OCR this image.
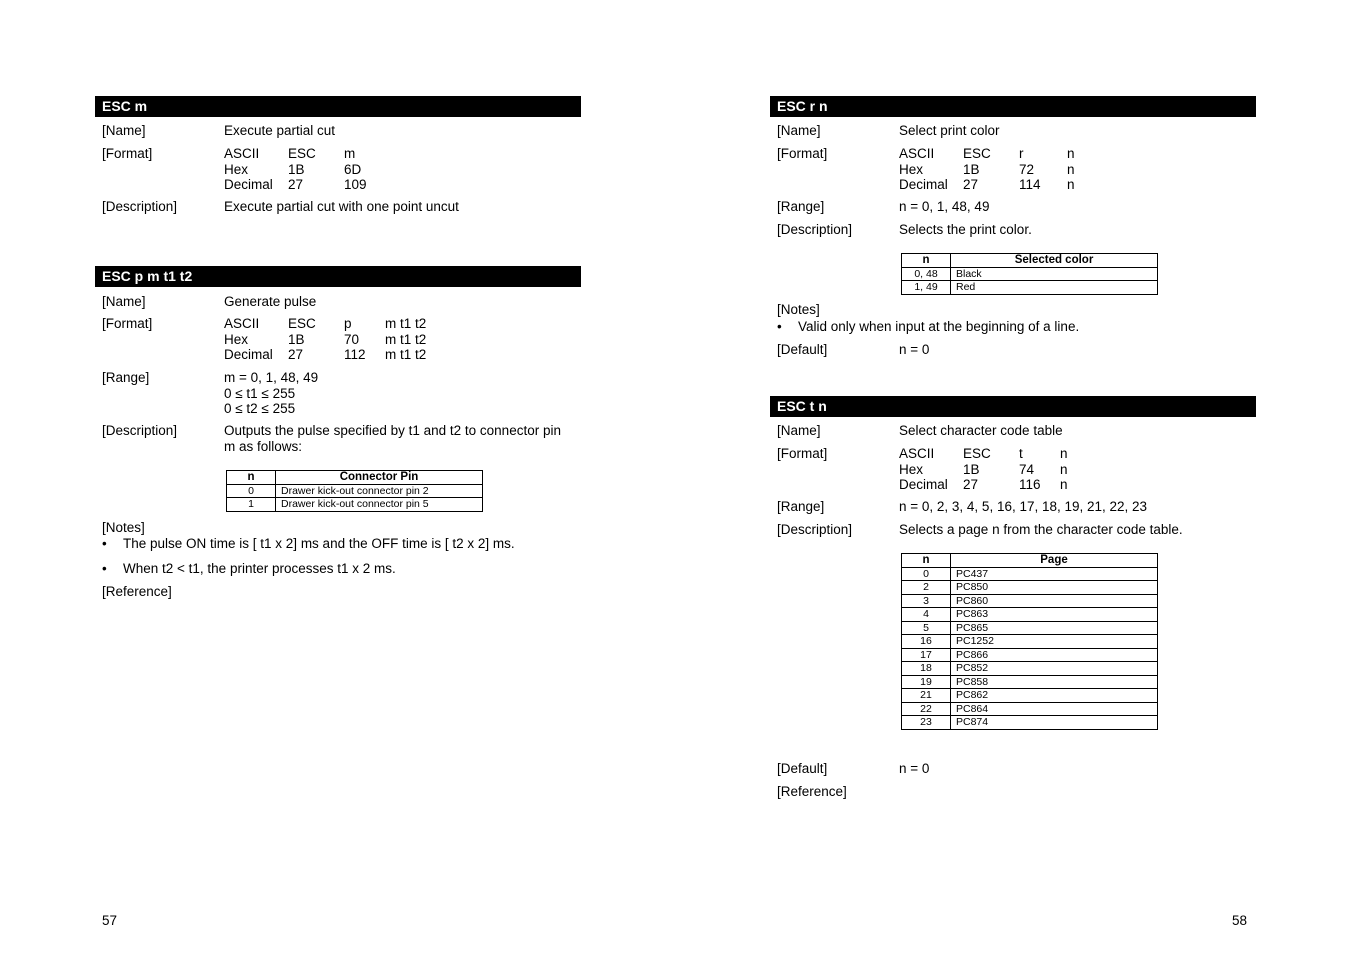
ESC m
[Name]	Execute partial cut
[Format]	ASCII ESC m
Hex	1B	6D
Decimal 27	109
[Description]	Execute partial cut with one point uncut
ESC p m t1 t2
[Name]	Generate pulse
[Format]	ASCII ESC p m t1 t2
Hex	1B	70 m t1 t2
Decimal 27	112 m t1 t2
[Range]	m = 0, 1, 48, 49
0 ≤ t1 ≤ 255
0 ≤ t2 ≤ 255
[Description]	Outputs the pulse specified by t1 and t2 to connector pin
m as follows:
n	Connector Pin
0	Drawer kick-out connector pin 2
1	Drawer kick-out connector pin 5
[Notes]
• The pulse ON time is [ t1 x 2] ms and the OFF time is [ t2 x 2] ms.
• When t2 < t1, the printer processes t1 x 2 ms.
[Reference]
57
ESC r n
[Name]	Select print color
[Format]	ASCII ESC r	n
Hex	1B	72 n
Decimal 27	114 n
[Range]	n = 0, 1, 48, 49
[Description]	Selects the print color.
n	Selected color
0, 48	Black
1, 49	Red
[Notes]
• Valid only when input at the beginning of a line.
[Default]	n = 0
ESC t n
[Name]	Select character code table
[Format]	ASCII ESC t	n
Hex	1B	74 n
Decimal 27	116 n
[Range]	n = 0, 2, 3, 4, 5, 16, 17, 18, 19, 21, 22, 23
[Description]	Selects a page n from the character code table.
n	Page
0	PC437
2	PC850
3	PC860
4	PC863
5	PC865
16	PC1252
17	PC866
18	PC852
19	PC858
21	PC862
22	PC864
23	PC874
[Default]	n = 0
[Reference]
58
